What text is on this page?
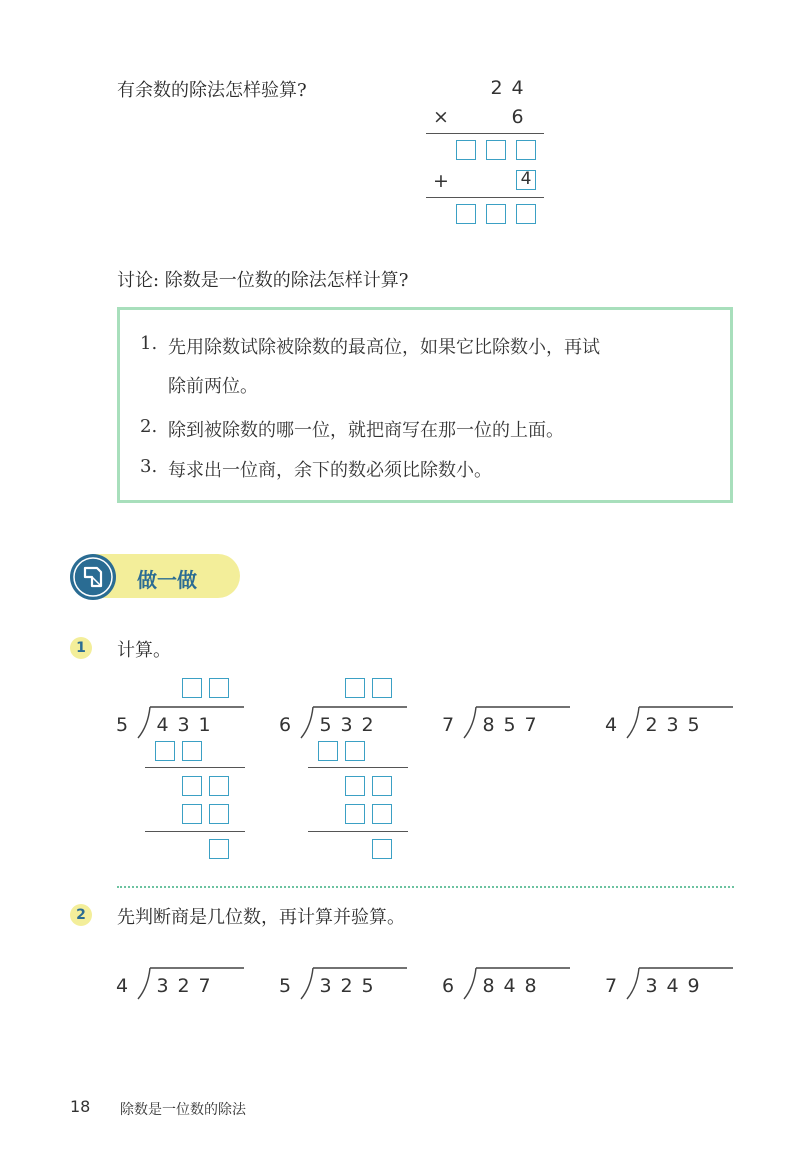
有余数的除法怎样验算?	2 4
×	6
+	4
讨论: 除数是一位数的除法怎样计算?
1. 先用除数试除被除数的最高位，如果它比除数小，再试
除前两位。
2. 除到被除数的哪一位，就把商写在那一位的上面。
3. 每求出一位商，余下的数必须比除数小。
做一做
1	计算。
5 4 3 1	6 5 3 2	7 8 5 7	4 2 3 5
2	先判断商是几位数，再计算并验算。
4 3 2 7	5 3 2 5	6 8 4 8	7 3 4 9
18 除数是一位数的除法
